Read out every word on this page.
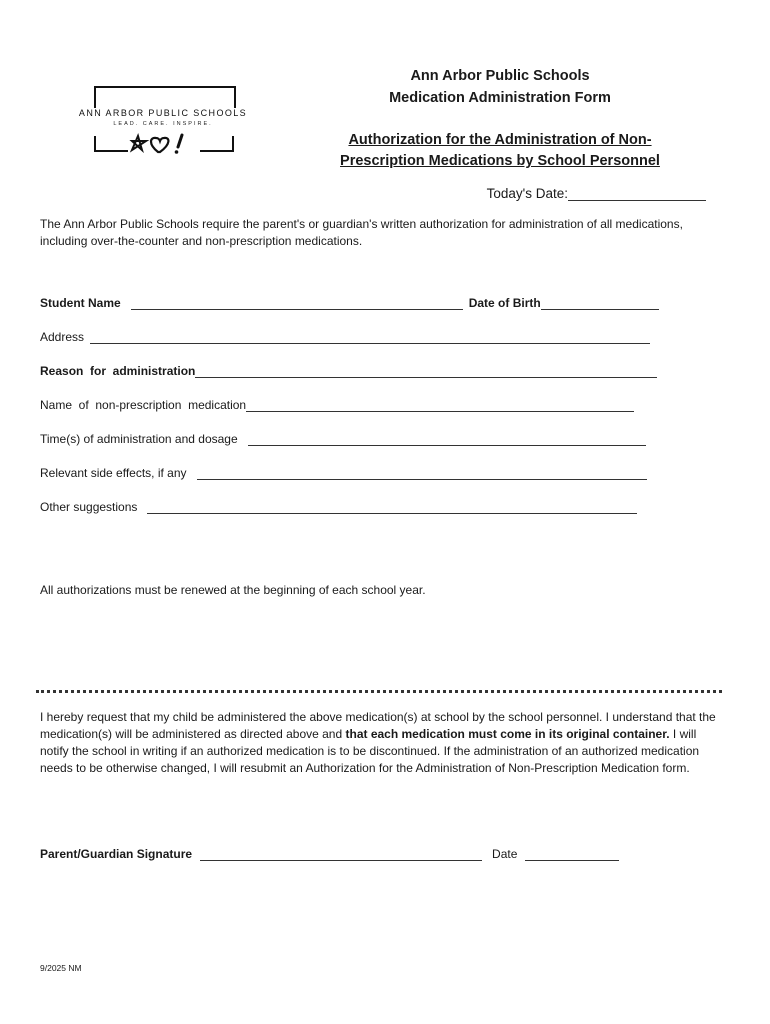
ANN ARBOR PUBLIC SCHOOLS
LEAD. CARE. INSPIRE.
Ann Arbor Public Schools
Medication Administration Form
Authorization for the Administration of Non-
Prescription Medications by School Personnel
Today's Date:
The Ann Arbor Public Schools require the parent's or guardian's written authorization for administration of all medications, including over-the-counter and non-prescription medications.
Student Name	Date of Birth
Address
Reason  for  administration
Name  of  non-prescription  medication
Time(s) of administration and dosage
Relevant side effects, if any
Other suggestions
All authorizations must be renewed at the beginning of each school year.
I hereby request that my child be administered the above medication(s) at school by the school personnel. I understand that the medication(s) will be administered as directed above and that each medication must come in its original container. I will notify the school in writing if an authorized medication is to be discontinued. If the administration of an authorized medication needs to be otherwise changed, I will resubmit an Authorization for the Administration of Non-Prescription Medication form.
Parent/Guardian Signature	Date
9/2025 NM
